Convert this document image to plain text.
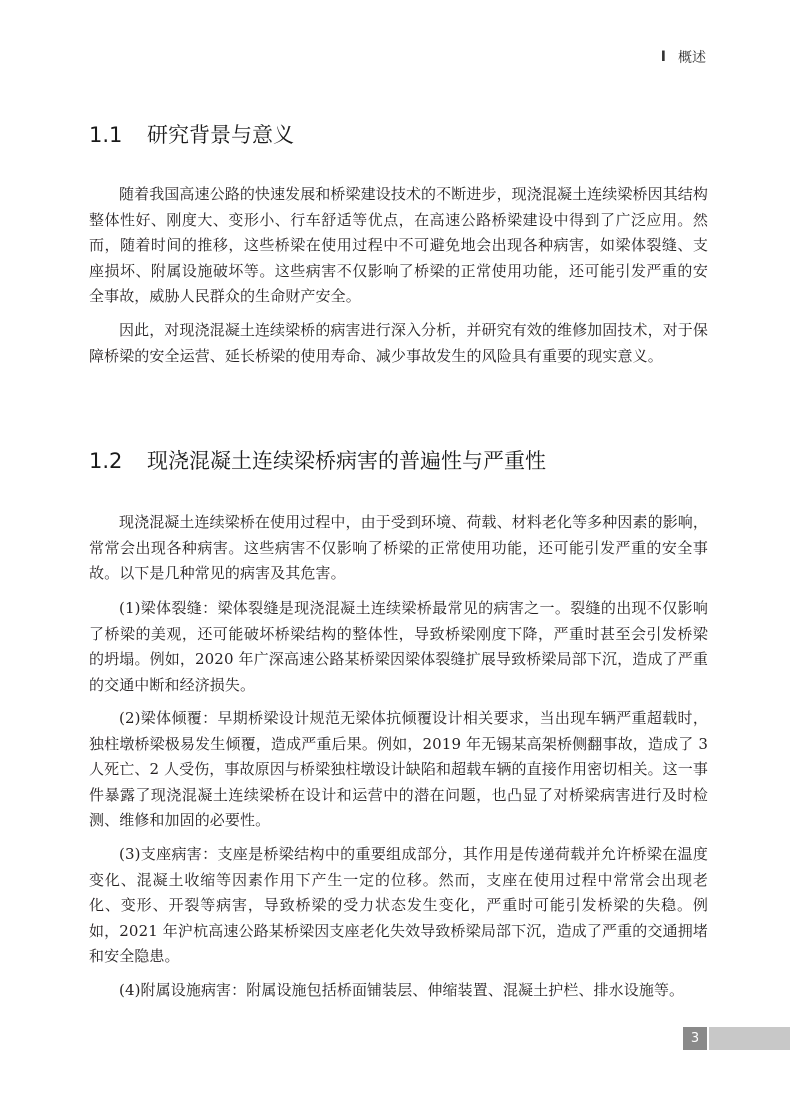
I 概述
1.1 研究背景与意义

随着我国高速公路的快速发展和桥梁建设技术的不断进步，现浇混凝土连续梁桥因其结构整体性好、刚度大、变形小、行车舒适等优点，在高速公路桥梁建设中得到了广泛应用。然而，随着时间的推移，这些桥梁在使用过程中不可避免地会出现各种病害，如梁体裂缝、支座损坏、附属设施破坏等。这些病害不仅影响了桥梁的正常使用功能，还可能引发严重的安全事故，威胁人民群众的生命财产安全。

因此，对现浇混凝土连续梁桥的病害进行深入分析，并研究有效的维修加固技术，对于保障桥梁的安全运营、延长桥梁的使用寿命、减少事故发生的风险具有重要的现实意义。

1.2 现浇混凝土连续梁桥病害的普遍性与严重性

现浇混凝土连续梁桥在使用过程中，由于受到环境、荷载、材料老化等多种因素的影响，常常会出现各种病害。这些病害不仅影响了桥梁的正常使用功能，还可能引发严重的安全事故。以下是几种常见的病害及其危害。

(1)梁体裂缝：梁体裂缝是现浇混凝土连续梁桥最常见的病害之一。裂缝的出现不仅影响了桥梁的美观，还可能破坏桥梁结构的整体性，导致桥梁刚度下降，严重时甚至会引发桥梁的坍塌。例如，2020 年广深高速公路某桥梁因梁体裂缝扩展导致桥梁局部下沉，造成了严重的交通中断和经济损失。

(2)梁体倾覆：早期桥梁设计规范无梁体抗倾覆设计相关要求，当出现车辆严重超载时，独柱墩桥梁极易发生倾覆，造成严重后果。例如，2019 年无锡某高架桥侧翻事故，造成了 3 人死亡、2 人受伤，事故原因与桥梁独柱墩设计缺陷和超载车辆的直接作用密切相关。这一事件暴露了现浇混凝土连续梁桥在设计和运营中的潜在问题，也凸显了对桥梁病害进行及时检测、维修和加固的必要性。

(3)支座病害：支座是桥梁结构中的重要组成部分，其作用是传递荷载并允许桥梁在温度变化、混凝土收缩等因素作用下产生一定的位移。然而，支座在使用过程中常常会出现老化、变形、开裂等病害，导致桥梁的受力状态发生变化，严重时可能引发桥梁的失稳。例如，2021 年沪杭高速公路某桥梁因支座老化失效导致桥梁局部下沉，造成了严重的交通拥堵和安全隐患。

(4)附属设施病害：附属设施包括桥面铺装层、伸缩装置、混凝土护栏、排水设施等。

3
